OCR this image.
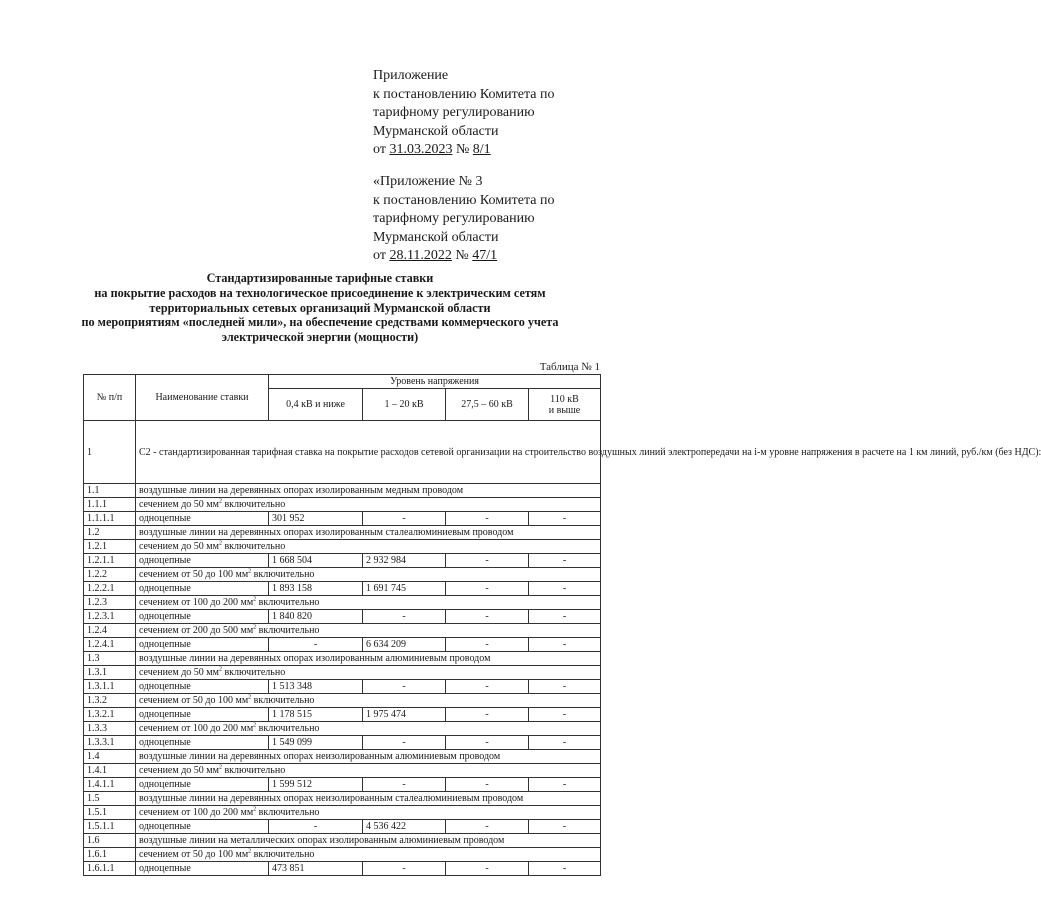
Приложение
к постановлению Комитета по
тарифному регулированию
Мурманской области
от 31.03.2023 № 8/1
«Приложение № 3
к постановлению Комитета по
тарифному регулированию
Мурманской области
от 28.11.2022 № 47/1
Стандартизированные тарифные ставки
на покрытие расходов на технологическое присоединение к электрическим сетям
территориальных сетевых организаций Мурманской области
по мероприятиям «последней мили», на обеспечение средствами коммерческого учета
электрической энергии (мощности)
Таблица № 1
№ п/п	Наименование ставки	Уровень напряжения			
		0,4 кВ и ниже	1 – 20 кВ	27,5 – 60 кВ	110 кВ
и выше
1	С2 - стандартизированная тарифная ставка на покрытие расходов сетевой организации на строительство воздушных линий электропередачи на i-м уровне напряжения в расчете на 1 км линий, руб./км (без НДС):				
1.1	воздушные линии на деревянных опорах изолированным медным проводом				
1.1.1	сечением до 50 $мм^2$ включительно				
1.1.1.1	одноцепные	301 952	-	-	-
1.2	воздушные линии на деревянных опорах изолированным сталеалюминиевым проводом				
1.2.1	сечением до 50 $мм^2$ включительно				
1.2.1.1	одноцепные	1 668 504	2 932 984	-	-
1.2.2	сечением от 50 до 100 $мм^2$ включительно				
1.2.2.1	одноцепные	1 893 158	1 691 745	-	-
1.2.3	сечением от 100 до 200 $мм^2$ включительно				
1.2.3.1	одноцепные	1 840 820	-	-	-
1.2.4	сечением от 200 до 500 $мм^2$ включительно				
1.2.4.1	одноцепные	-	6 634 209	-	-
1.3	воздушные линии на деревянных опорах изолированным алюминиевым проводом				
1.3.1	сечением до 50 $мм^2$ включительно				
1.3.1.1	одноцепные	1 513 348	-	-	-
1.3.2	сечением от 50 до 100 $мм^2$ включительно				
1.3.2.1	одноцепные	1 178 515	1 975 474	-	-
1.3.3	сечением от 100 до 200 $мм^2$ включительно				
1.3.3.1	одноцепные	1 549 099	-	-	-
1.4	воздушные линии на деревянных опорах неизолированным алюминиевым проводом				
1.4.1	сечением до 50 $мм^2$ включительно				
1.4.1.1	одноцепные	1 599 512	-	-	-
1.5	воздушные линии на деревянных опорах неизолированным сталеалюминиевым проводом				
1.5.1	сечением от 100 до 200 $мм^2$ включительно				
1.5.1.1	одноцепные	-	4 536 422	-	-
1.6	воздушные линии на металлических опорах изолированным алюминиевым проводом				
1.6.1	сечением от 50 до 100 $мм^2$ включительно				
1.6.1.1	одноцепные	473 851	-	-	-
